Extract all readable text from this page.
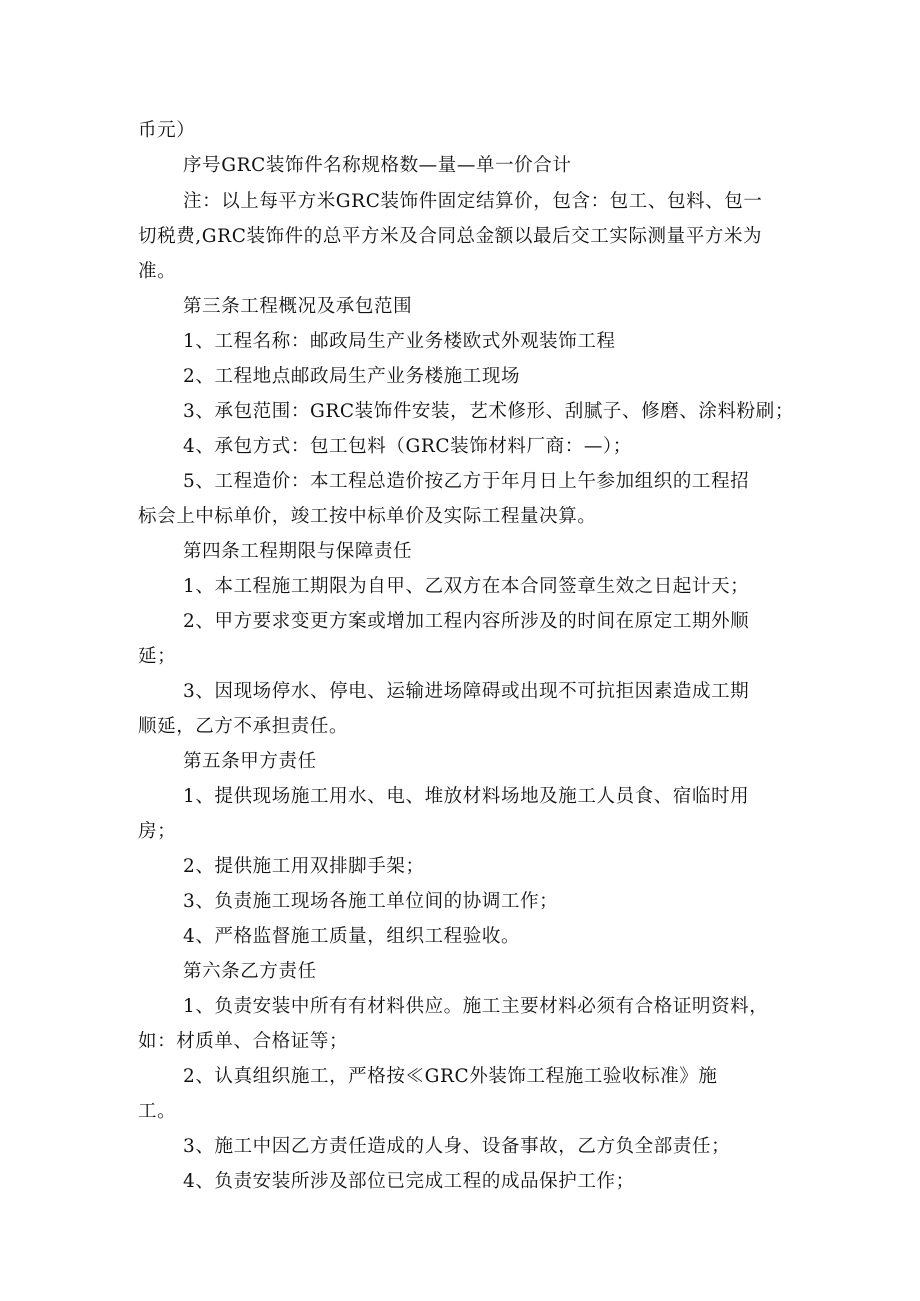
币元）
序号GRC装饰件名称规格数—量—单一价合计
注：以上每平方米GRC装饰件固定结算价，包含：包工、包料、包一
切税费,GRC装饰件的总平方米及合同总金额以最后交工实际测量平方米为
准。
第三条工程概况及承包范围
1、工程名称：邮政局生产业务楼欧式外观装饰工程
2、工程地点邮政局生产业务楼施工现场
3、承包范围：GRC装饰件安装，艺术修形、刮腻子、修磨、涂料粉刷；
4、承包方式：包工包料（GRC装饰材料厂商：—）；
5、工程造价：本工程总造价按乙方于年月日上午参加组织的工程招
标会上中标单价，竣工按中标单价及实际工程量决算。
第四条工程期限与保障责任
1、本工程施工期限为自甲、乙双方在本合同签章生效之日起计天；
2、甲方要求变更方案或增加工程内容所涉及的时间在原定工期外顺
延；
3、因现场停水、停电、运输进场障碍或出现不可抗拒因素造成工期
顺延，乙方不承担责任。
第五条甲方责任
1、提供现场施工用水、电、堆放材料场地及施工人员食、宿临时用
房；
2、提供施工用双排脚手架；
3、负责施工现场各施工单位间的协调工作；
4、严格监督施工质量，组织工程验收。
第六条乙方责任
1、负责安装中所有有材料供应。施工主要材料必须有合格证明资料，
如：材质单、合格证等；
2、认真组织施工，严格按≪GRC外装饰工程施工验收标准》施
工。
3、施工中因乙方责任造成的人身、设备事故，乙方负全部责任；
4、负责安装所涉及部位已完成工程的成品保护工作；
